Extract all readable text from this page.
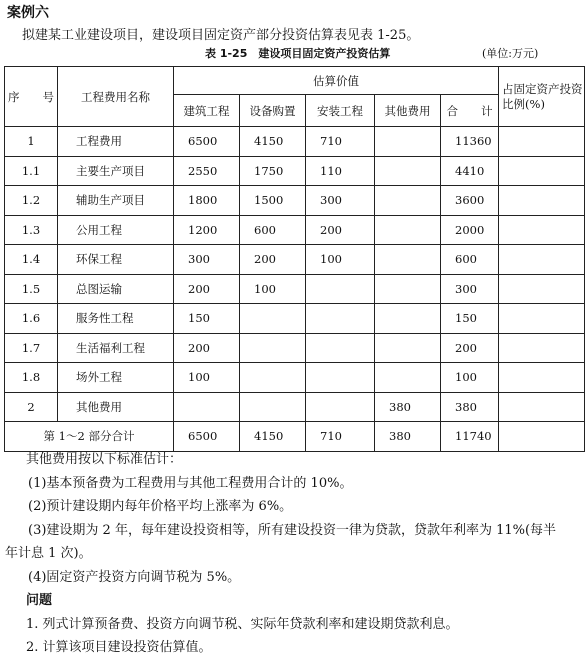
案例六
拟建某工业建设项目，建设项目固定资产部分投资估算表见表 1-25。
表 1-25　建设项目固定资产投资估算	(单位:万元)
序　　号	工程费用名称	估算价值					占固定资产投资比例(%)
		建筑工程	设备购置	安装工程	其他费用	合　　计	
1	工程费用	6500	4150	710		11360	
1.1	主要生产项目	2550	1750	110		4410	
1.2	辅助生产项目	1800	1500	300		3600	
1.3	公用工程	1200	600	200		2000	
1.4	环保工程	300	200	100		600	
1.5	总图运输	200	100			300	
1.6	服务性工程	150				150	
1.7	生活福利工程	200				200	
1.8	场外工程	100				100	
2	其他费用				380	380	
第 1～2 部分合计		6500	4150	710	380	11740	

其他费用按以下标准估计：

(1)基本预备费为工程费用与其他工程费用合计的 10%。

(2)预计建设期内每年价格平均上涨率为 6%。

(3)建设期为 2 年，每年建设投资相等，所有建设投资一律为贷款，贷款年利率为 11%(每半

年计息 1 次)。

(4)固定资产投资方向调节税为 5%。

问题

1. 列式计算预备费、投资方向调节税、实际年贷款利率和建设期贷款利息。

2. 计算该项目建设投资估算值。
